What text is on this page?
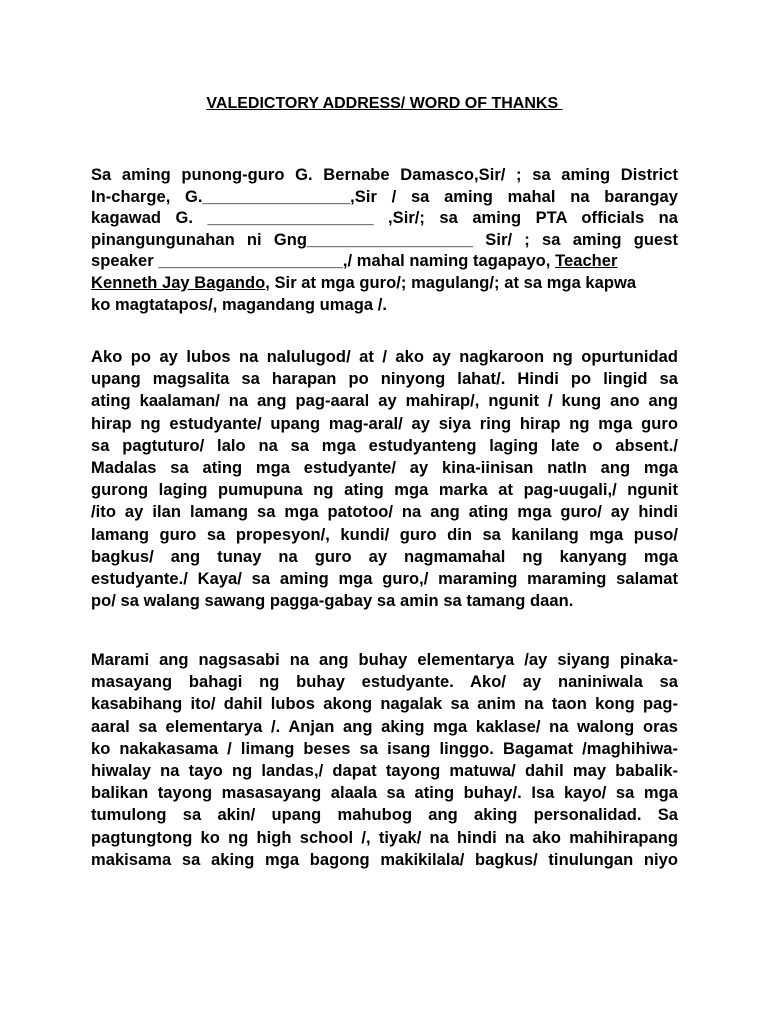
VALEDICTORY ADDRESS/ WORD OF THANKS
Sa aming punong-guro G. Bernabe Damasco,Sir/ ; sa aming District
In-charge, G.________________,Sir / sa aming mahal na barangay
kagawad G. __________________ ,Sir/; sa aming PTA officials na
pinangungunahan ni Gng__________________ Sir/ ; sa aming guest
speaker ____________________,/ mahal naming tagapayo, Teacher
Kenneth Jay Bagando, Sir at mga guro/; magulang/; at sa mga kapwa
ko magtatapos/, magandang umaga /.
Ako po ay lubos na nalulugod/ at / ako ay nagkaroon ng opurtunidad
upang magsalita sa harapan po ninyong lahat/. Hindi po lingid sa
ating kaalaman/ na ang pag-aaral ay mahirap/, ngunit / kung ano ang
hirap ng estudyante/ upang mag-aral/ ay siya ring hirap ng mga guro
sa pagtuturo/ lalo na sa mga estudyanteng laging late o absent./
Madalas sa ating mga estudyante/ ay kina-iinisan natIn ang mga
gurong laging pumupuna ng ating mga marka at pag-uugali,/ ngunit
/ito ay ilan lamang sa mga patotoo/ na ang ating mga guro/ ay hindi
lamang guro sa propesyon/, kundi/ guro din sa kanilang mga puso/
bagkus/ ang tunay na guro ay nagmamahal ng kanyang mga
estudyante./ Kaya/ sa aming mga guro,/ maraming maraming salamat
po/ sa walang sawang pagga-gabay sa amin sa tamang daan.
Marami ang nagsasabi na ang buhay elementarya /ay siyang pinaka-
masayang bahagi ng buhay estudyante. Ako/ ay naniniwala sa
kasabihang ito/ dahil lubos akong nagalak sa anim na taon kong pag-
aaral sa elementarya /. Anjan ang aking mga kaklase/ na walong oras
ko nakakasama / limang beses sa isang linggo. Bagamat /maghihiwa-
hiwalay na tayo ng landas,/ dapat tayong matuwa/ dahil may babalik-
balikan tayong masasayang alaala sa ating buhay/. Isa kayo/ sa mga
tumulong sa akin/ upang mahubog ang aking personalidad. Sa
pagtungtong ko ng high school /, tiyak/ na hindi na ako mahihirapang
makisama sa aking mga bagong makikilala/ bagkus/ tinulungan niyo
